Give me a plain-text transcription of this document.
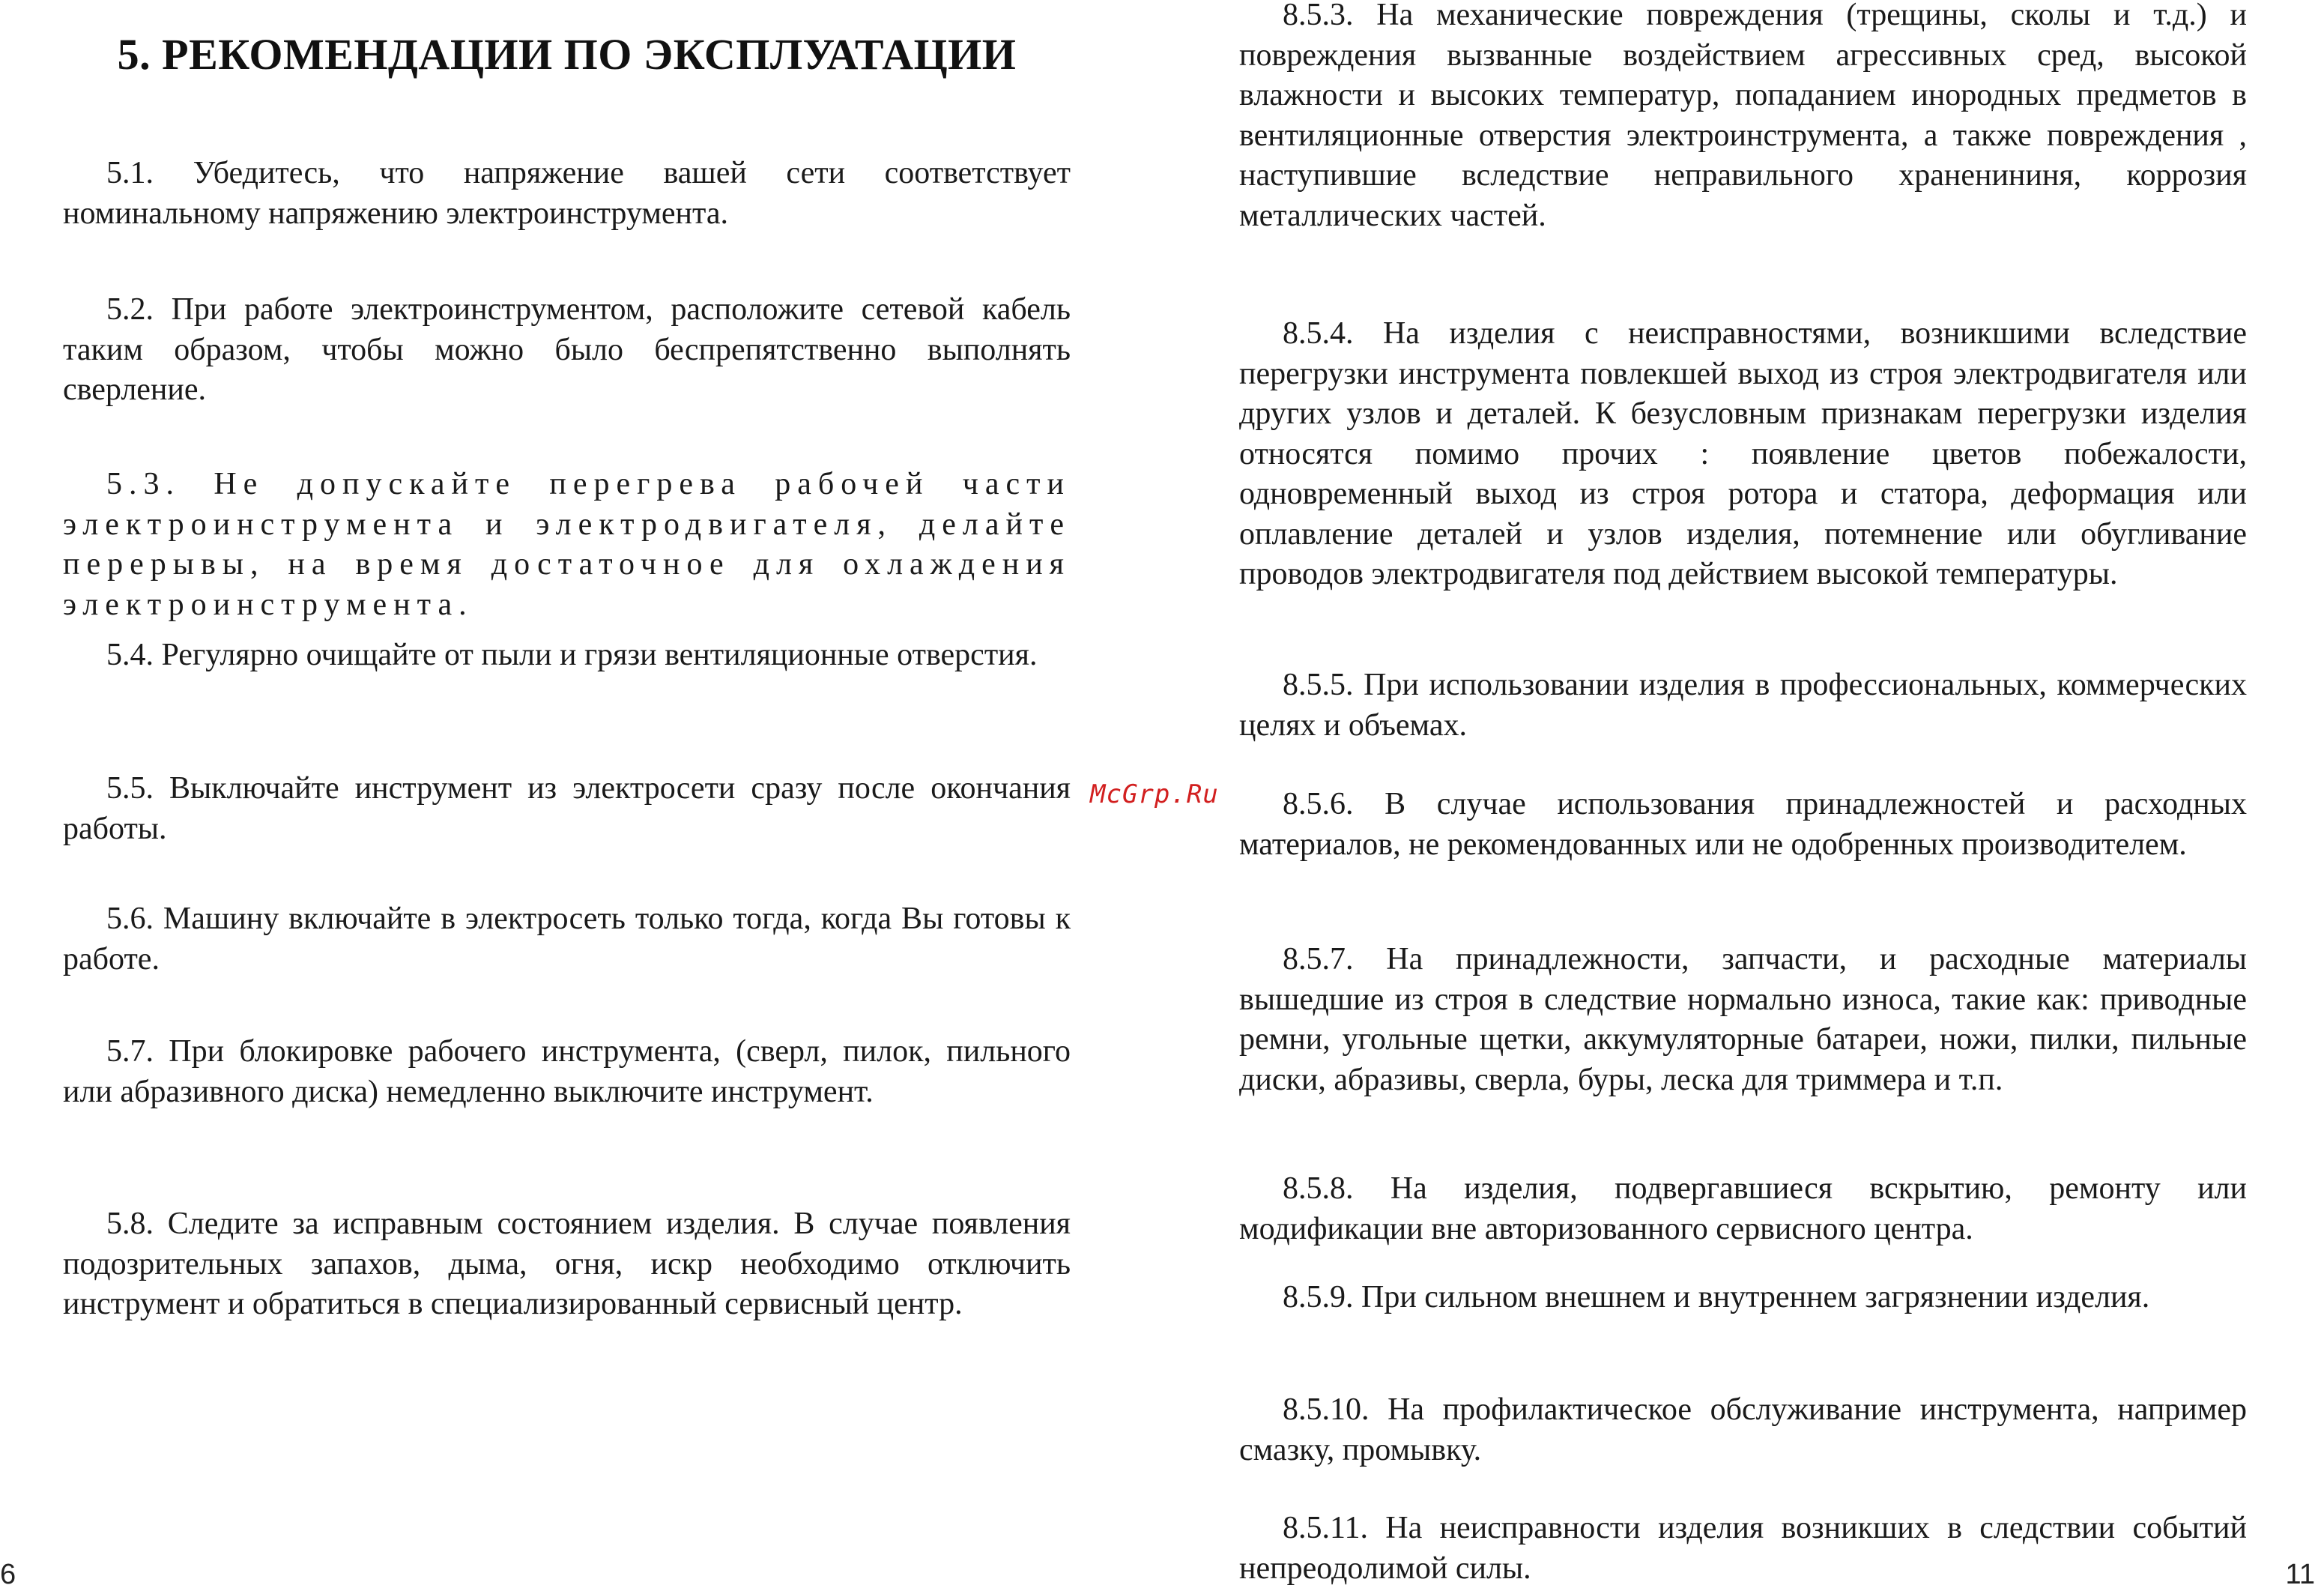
5. РЕКОМЕНДАЦИИ ПО ЭКСПЛУАТАЦИИ

5.1. Убедитесь, что напряжение вашей сети соответствует номинальному напряжению электроинструмента.

5.2. При работе электроинструментом, расположите сетевой кабель таким образом, чтобы можно было беспрепятственно выполнять сверление.

5.3. Не допускайте перегрева рабочей части электроинструмента и электродвигателя, делайте перерывы, на время достаточное для охлаждения электроинструмента.

5.4. Регулярно очищайте от пыли и грязи вентиляционные отверстия.

5.5. Выключайте инструмент из электросети сразу после окончания работы.

5.6. Машину включайте в электросеть только тогда, когда Вы готовы к работе.

5.7. При блокировке рабочего инструмента, (сверл, пилок, пильного или абразивного диска) немедленно выключите инструмент.

5.8. Следите за исправным состоянием изделия. В случае появления подозрительных запахов, дыма, огня, искр необходимо отключить инструмент и обратиться в специализированный сервисный центр.

6
McGrp.Ru

8.5.3. На механические повреждения (трещины, сколы и т.д.) и повреждения вызванные воздействием агрессивных сред, высокой влажности и высоких температур, попаданием инородных предметов в вентиляционные отверстия электроинструмента, а также повреждения , наступившие вследствие неправильного храненининя, коррозия металлических частей.

8.5.4. На изделия с неисправностями, возникшими вследствие перегрузки инструмента повлекшей выход из строя электродвигателя или других узлов и деталей. К безусловным признакам перегрузки изделия относятся помимо прочих : появление цветов побежалости, одновременный выход из строя ротора и статора, деформация или оплавление деталей и узлов изделия, потемнение или обугливание проводов электродвигателя под действием высокой температуры.

8.5.5. При использовании изделия в профессиональных, коммерческих целях и объемах.

8.5.6. В случае использования принадлежностей и расходных материалов, не рекомендованных или не одобренных производителем.

8.5.7. На принадлежности, запчасти, и расходные материалы вышедшие из строя в следствие нормально износа, такие как: приводные ремни, угольные щетки, аккумуляторные батареи, ножи, пилки, пильные диски, абразивы, сверла, буры, леска для триммера и т.п.

8.5.8. На изделия, подвергавшиеся вскрытию, ремонту или модификации вне авторизованного сервисного центра.

8.5.9. При сильном внешнем и внутреннем загрязнении изделия.

8.5.10. На профилактическое обслуживание инструмента, например смазку, промывку.

8.5.11. На неисправности изделия возникших в следствии событий непреодолимой силы.	11
